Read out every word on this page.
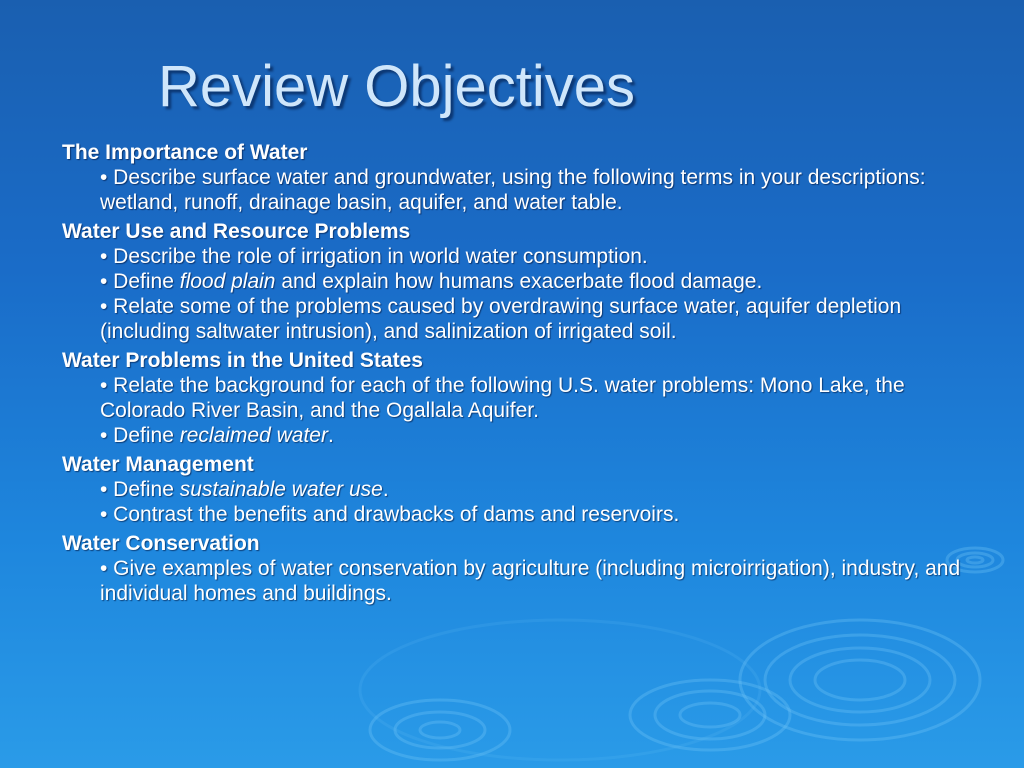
Review Objectives
The Importance of Water
• Describe surface water and groundwater, using the following terms in your descriptions: wetland, runoff, drainage basin, aquifer, and water table.
Water Use and Resource Problems
• Describe the role of irrigation in world water consumption.
• Define flood plain and explain how humans exacerbate flood damage.
• Relate some of the problems caused by overdrawing surface water, aquifer depletion (including saltwater intrusion), and salinization of irrigated soil.
Water Problems in the United States
• Relate the background for each of the following U.S. water problems: Mono Lake, the Colorado River Basin, and the Ogallala Aquifer.
• Define reclaimed water.
Water Management
• Define sustainable water use.
• Contrast the benefits and drawbacks of dams and reservoirs.
Water Conservation
• Give examples of water conservation by agriculture (including microirrigation), industry, and individual homes and buildings.
